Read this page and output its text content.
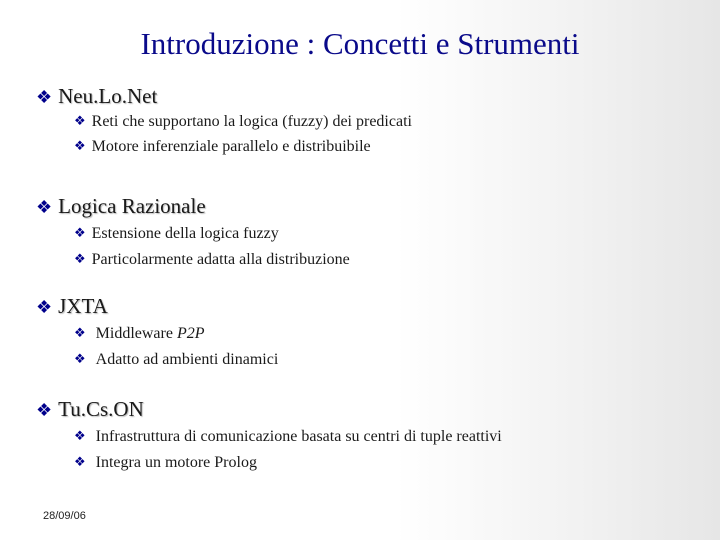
Introduzione : Concetti e Strumenti
❖ Neu.Lo.Net
❖ Reti che supportano la logica (fuzzy) dei predicati
❖ Motore inferenziale parallelo e distribuibile
❖ Logica Razionale
❖ Estensione della logica fuzzy
❖ Particolarmente adatta alla distribuzione
❖ JXTA
❖ Middleware P2P
❖ Adatto ad ambienti dinamici
❖ Tu.Cs.ON
❖ Infrastruttura di comunicazione basata su centri di tuple reattivi
❖ Integra un motore Prolog
28/09/06
